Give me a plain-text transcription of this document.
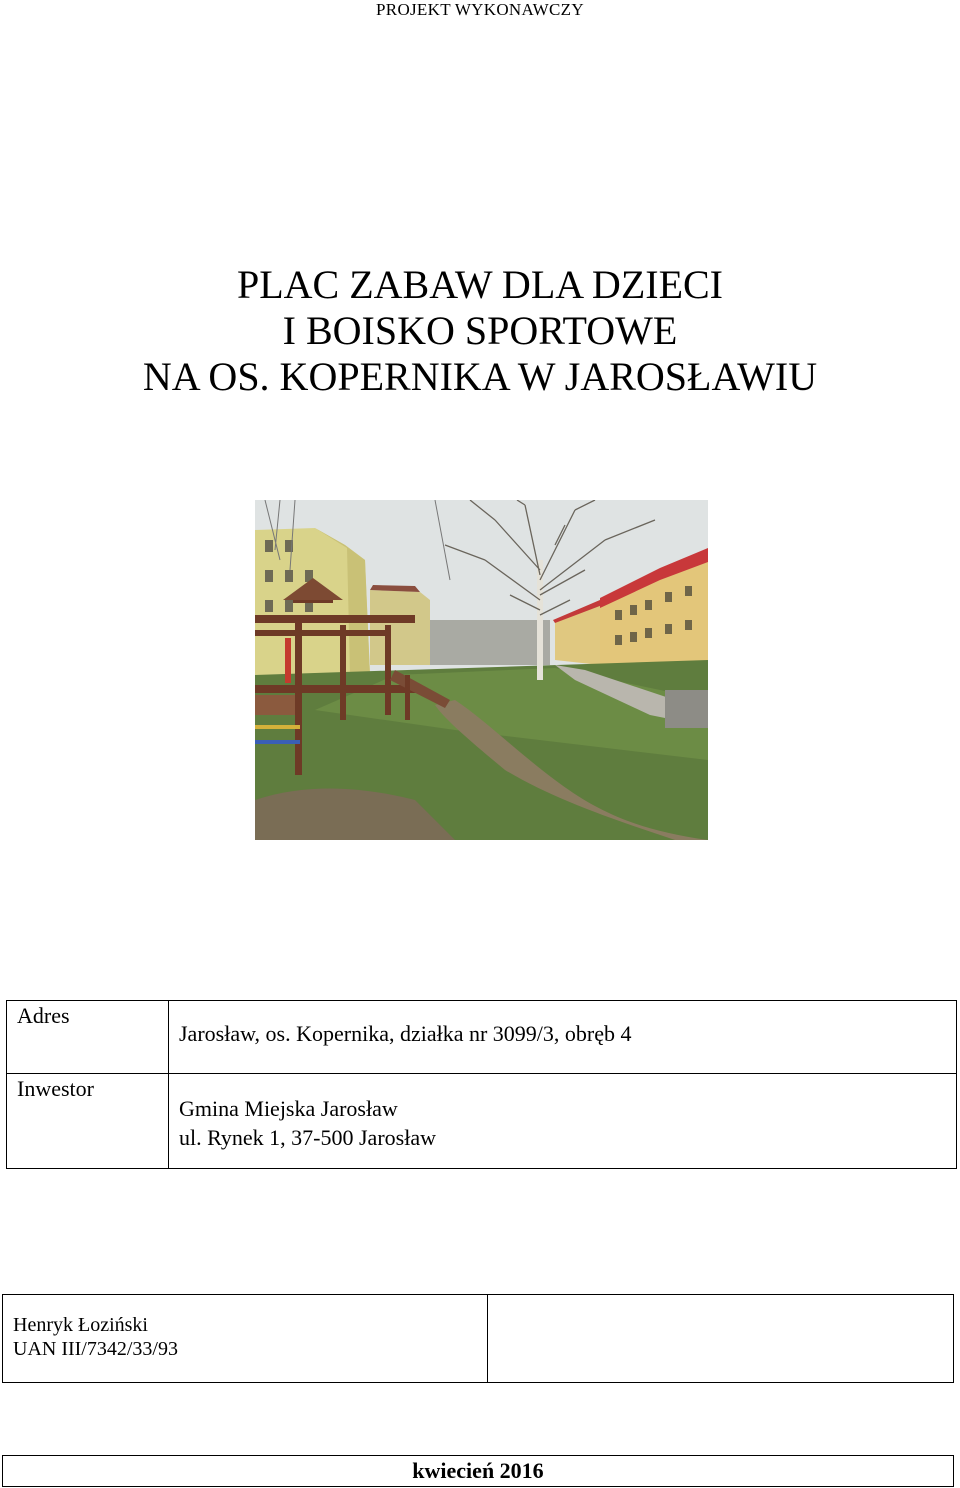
PROJEKT WYKONAWCZY
PLAC ZABAW DLA DZIECI
I BOISKO SPORTOWE
NA OS. KOPERNIKA W JAROSŁAWIU
Adres	Jarosław, os. Kopernika, działka nr 3099/3, obręb 4
Inwestor	Gmina Miejska Jarosław
ul. Rynek 1, 37-500 Jarosław
Henryk Łoziński
UAN III/7342/33/93

kwiecień 2016
